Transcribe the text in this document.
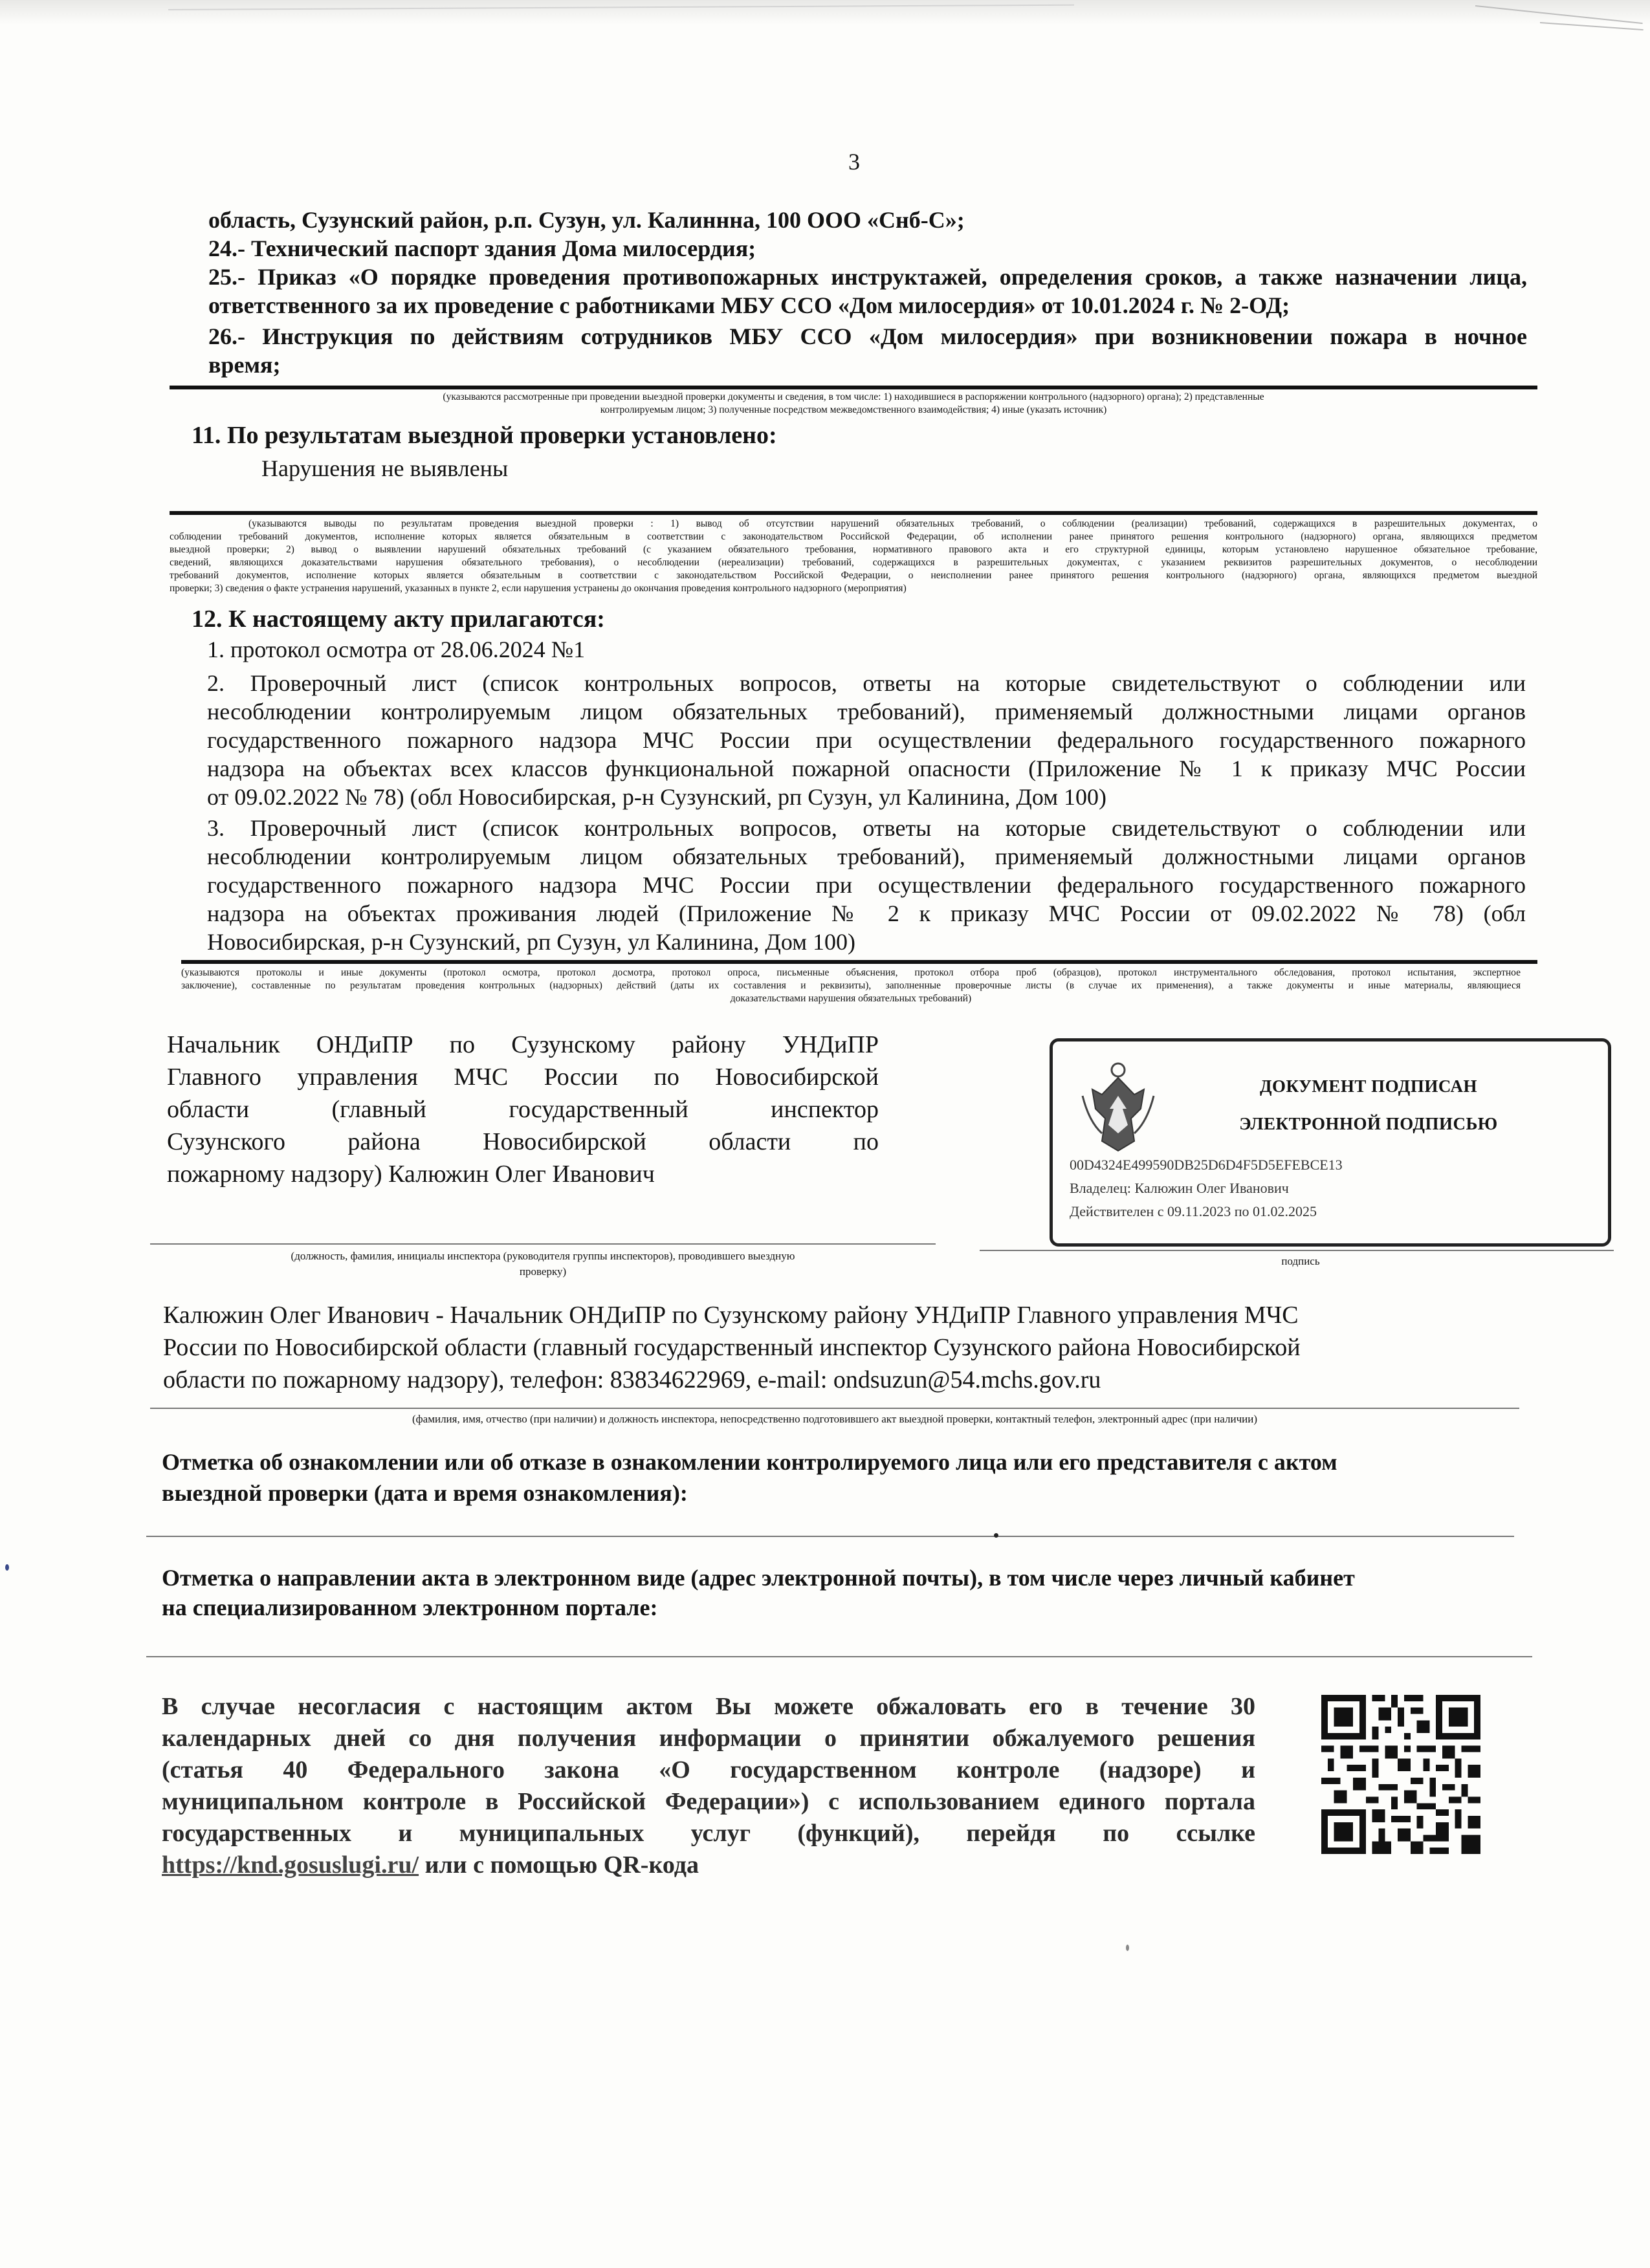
3
область, Сузунский район, р.п. Сузун, ул. Калиннна, 100 ООО «Снб-С»;
24.- Технический паспорт здания Дома милосердия;
25.- Приказ «О порядке проведения противопожарных инструктажей, определения сроков, а также назначении лица,
ответственного за их проведение с работниками МБУ ССО «Дом милосердия» от 10.01.2024 г. № 2-ОД;
26.- Инструкция по действиям сотрудников МБУ ССО «Дом милосердия» при возникновении пожара в ночное
время;
(указываются рассмотренные при проведении выездной проверки документы и сведения, в том числе: 1) находившиеся в распоряжении контрольного (надзорного) органа); 2) представленные
контролируемым лицом; 3) полученные посредством межведомственного взаимодействия; 4) иные (указать источник)
11. По результатам выездной проверки установлено:
Нарушения не выявлены
(указываются выводы по результатам проведения выездной проверки : 1) вывод об отсутствии нарушений обязательных требований, о соблюдении (реализации) требований, содержащихся в разрешительных документах, о
соблюдении требований документов, исполнение которых является обязательным в соответствии с законодательством Российской Федерации, об исполнении ранее принятого решения контрольного (надзорного) органа, являющихся предметом
выездной проверки; 2) вывод о выявлении нарушений обязательных требований (с указанием обязательного требования, нормативного правового акта и его структурной единицы, которым установлено нарушенное обязательное требование,
сведений, являющихся доказательствами нарушения обязательного требования), о несоблюдении (нереализации) требований, содержащихся в разрешительных документах, с указанием реквизитов разрешительных документов, о несоблюдении
требований документов, исполнение которых является обязательным в соответствии с законодательством Российской Федерации, о неисполнении ранее принятого решения контрольного (надзорного) органа, являющихся предметом выездной
проверки; 3) сведения о факте устранения нарушений, указанных в пункте 2, если нарушения устранены до окончания проведения контрольного надзорного (мероприятия)
12. К настоящему акту прилагаются:
1. протокол осмотра от 28.06.2024 №1
2. Проверочный лист (список контрольных вопросов, ответы на которые свидетельствуют о соблюдении или
несоблюдении контролируемым лицом обязательных требований), применяемый должностными лицами органов
государственного пожарного надзора МЧС России при осуществлении федерального государственного пожарного
надзора на объектах всех классов функциональной пожарной опасности (Приложение № 1 к приказу МЧС России
от 09.02.2022 № 78) (обл Новосибирская, р-н Сузунский, рп Сузун, ул Калинина, Дом 100)
3. Проверочный лист (список контрольных вопросов, ответы на которые свидетельствуют о соблюдении или
несоблюдении контролируемым лицом обязательных требований), применяемый должностными лицами органов
государственного пожарного надзора МЧС России при осуществлении федерального государственного пожарного
надзора на объектах проживания людей (Приложение № 2 к приказу МЧС России от 09.02.2022 № 78) (обл
Новосибирская, р-н Сузунский, рп Сузун, ул Калинина, Дом 100)
(указываются протоколы и иные документы (протокол осмотра, протокол досмотра, протокол опроса, письменные объяснения, протокол отбора проб (образцов), протокол инструментального обследования, протокол испытания, экспертное
заключение), составленные по результатам проведения контрольных (надзорных) действий (даты их составления и реквизиты), заполненные проверочные листы (в случае их применения), а также документы и иные материалы, являющиеся
доказательствами нарушения обязательных требований)
Начальник ОНДиПР по Сузунскому району УНДиПР
Главного управления МЧС России по Новосибирской
области (главный государственный инспектор
Сузунского района Новосибирской области по
пожарному надзору) Калюжин Олег Иванович
ДОКУМЕНТ ПОДПИСАН
ЭЛЕКТРОННОЙ ПОДПИСЬЮ
00D4324E499590DB25D6D4F5D5EFEBCE13
Владелец: Калюжин Олег Иванович
Действителен с 09.11.2023 по 01.02.2025
(должность, фамилия, инициалы инспектора (руководителя группы инспекторов), проводившего выездную
проверку)
подпись
Калюжин Олег Иванович - Начальник ОНДиПР по Сузунскому району УНДиПР Главного управления МЧС
России по Новосибирской области (главный государственный инспектор Сузунского района Новосибирской
области по пожарному надзору), телефон: 83834622969, e-mail: ondsuzun@54.mchs.gov.ru
(фамилия, имя, отчество (при наличии) и должность инспектора, непосредственно подготовившего акт выездной проверки, контактный телефон, электронный адрес (при наличии)
Отметка об ознакомлении или об отказе в ознакомлении контролируемого лица или его представителя с актом
выездной проверки (дата и время ознакомления):
Отметка о направлении акта в электронном виде (адрес электронной почты), в том числе через личный кабинет
на специализированном электронном портале:
В случае несогласия с настоящим актом Вы можете обжаловать его в течение 30
календарных дней со дня получения информации о принятии обжалуемого решения
(статья 40 Федерального закона «О государственном контроле (надзоре) и
муниципальном контроле в Российской Федерации») с использованием единого портала
государственных и муниципальных услуг (функций), перейдя по ссылке
https://knd.gosuslugi.ru/ или с помощью QR-кода
